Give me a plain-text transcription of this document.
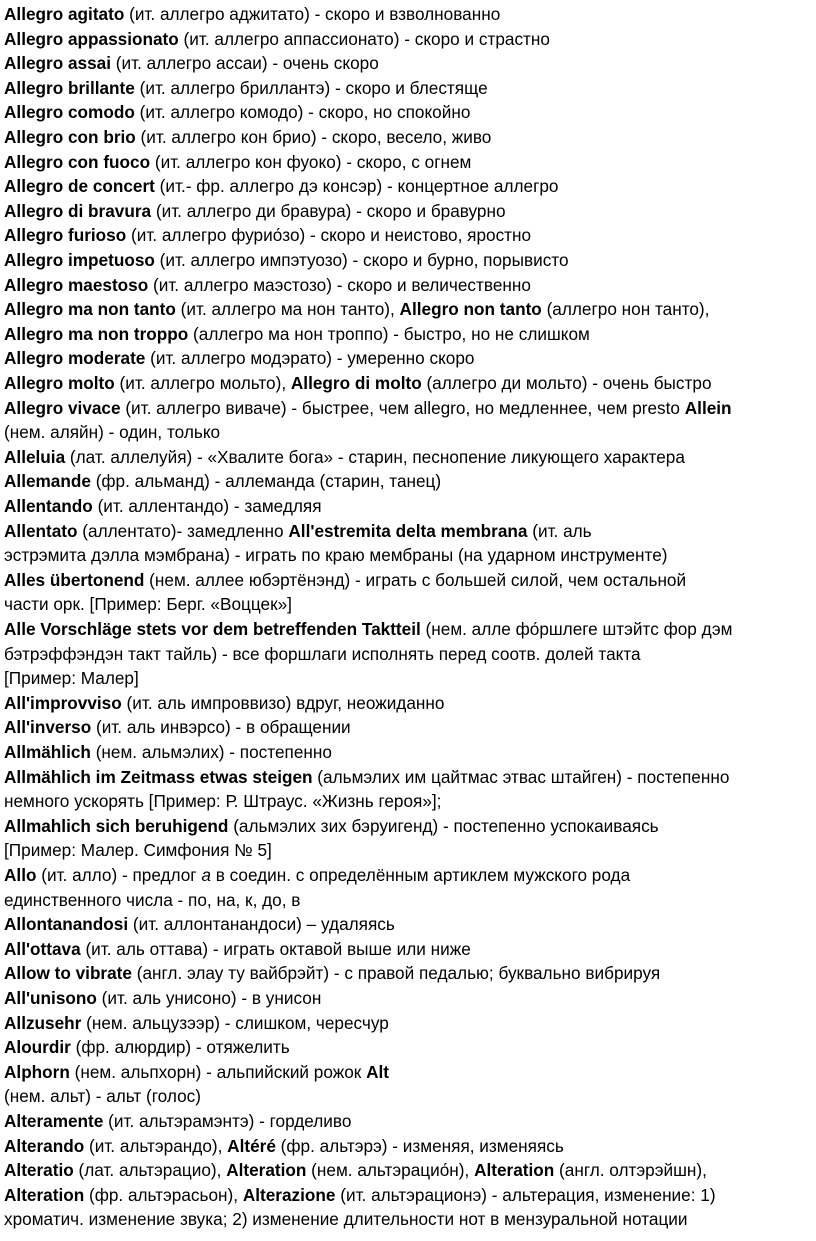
Allegro agitato (ит. аллегро аджитато) - скоро и взволнованно
Allegro appassionato (ит. аллегро аппассионато) - скоро и страстно
Allegro assai (ит. аллегро ассаи) - очень скоро
Allegro brillante (ит. аллегро бриллантэ) - скоро и блестяще
Allegro comodo (ит. аллегро комодо) - скоро, но спокойно
Allegro con brio (ит. аллегро кон брио) - скоро, весело, живо
Allegro con fuoco (ит. аллегро кон фуоко) - скоро, с огнем
Allegro de concert (ит.- фр. аллегро дэ консэр) - концертное аллегро
Allegro di bravura (ит. аллегро ди бравура) - скоро и бравурно
Allegro furioso (ит. аллегро фурио́зо) - скоро и неистово, яростно
Allegro impetuoso (ит. аллегро импэтуозо) - скоро и бурно, порывисто
Allegro maestoso (ит. аллегро маэстозо) - скоро и величественно
Allegro ma non tanto (ит. аллегро ма нон танто), Allegro non tanto (аллегро нон танто),
Allegro ma non troppo (аллегро ма нон троппо) - быстро, но не слишком
Allegro moderate (ит. аллегро модэрато) - умеренно скоро
Allegro molto (ит. аллегро мольто), Allegro di molto (аллегро ди мольто) - очень быстро
Allegro vivace (ит. аллегро виваче) - быстрее, чем allegro, но медленнее, чем presto Allein
(нем. аляйн) - один, только
Alleluia (лат. аллелуйя) - «Хвалите бога» - старин, песнопение ликующего характера
Allemande (фр. альманд) - аллеманда (старин, танец)
Allentando (ит. аллентандо) - замедляя
Allentato (аллентато)- замедленно All'estremita delta membrana (ит. аль
эстрэмита дэлла мэмбрана) - играть по краю мембраны (на ударном инструменте)
Alles übertonend (нем. аллее юбэртёнэнд) - играть с большей силой, чем остальной
части орк. [Пример: Берг. «Воццек»]
Alle Vorschläge stets vor dem betreffenden Taktteil (нем. алле фо́ршлеге штэйтс фор дэм
бэтрэффэндэн такт тайль) - все форшлаги исполнять перед соотв. долей такта
[Пример: Малер]
All'improvviso (ит. аль импроввизо) вдруг, неожиданно
All'inverso (ит. аль инвэрсо) - в обращении
Allmählich (нем. альмэлих) - постепенно
Allmählich im Zeitmass etwas steigen (альмэлих им цайтмас этвас штайген) - постепенно
немного ускорять [Пример: Р. Штраус. «Жизнь героя»];
Allmahlich sich beruhigend (альмэлих зих бэруигенд) - постепенно успокаиваясь
[Пример: Малер. Симфония № 5]
Allo (ит. алло) - предлог а в соедин. с определённым артиклем мужского рода
единственного числа - по, на, к, до, в
Allontanandosi (ит. аллонтанандоси) – удаляясь
All'ottava (ит. аль оттава) - играть октавой выше или ниже
Allow to vibrate (англ. элау ту вайбрэйт) - с правой педалью; буквально вибрируя
All'unisono (ит. аль унисоно) - в унисон
Allzusehr (нем. альцузээр) - слишком, чересчур
Alourdir (фр. алюрдир) - отяжелить
Alphorn (нем. альпхорн) - альпийский рожок Alt
(нем. альт) - альт (голос)
Alteramente (ит. альтэрамэнтэ) - горделиво
Alterando (ит. альтэрандо), Altéré (фр. альтэрэ) - изменяя, изменяясь
Alteratio (лат. альтэрацио), Alteration (нем. альтэрацио́н), Alteration (англ. олтэрэйшн),
Alteration (фр. альтэрасьон), Alterazione (ит. альтэрационэ) - альтерация, изменение: 1)
хроматич. изменение звука; 2) изменение длительности нот в мензуральной нотации
